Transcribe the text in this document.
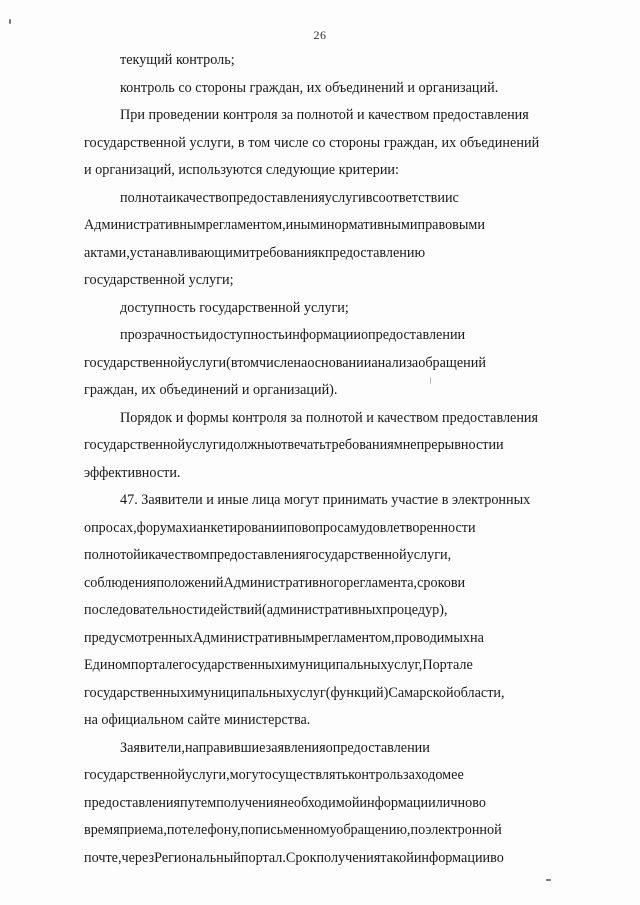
26
текущий контроль;
контроль со стороны граждан, их объединений и организаций.
При проведении контроля за полнотой и качеством предоставления
государственной услуги, в том числе со стороны граждан, их объединений
и организаций, используются следующие критерии:
полнотаикачествопредоставленияуслугивсоответствиис
Административнымрегламентом,иныминормативнымиправовыми
актами,устанавливающимитребованиякпредоставлению
государственной услуги;
доступность государственной услуги;
прозрачностьидоступностьинформацииопредоставлении
государственнойуслуги(втомчисленаоснованиианализаобращений
граждан, их объединений и организаций).
Порядок и формы контроля за полнотой и качеством предоставления
государственнойуслугидолжныотвечатьтребованиямнепрерывностии
эффективности.
47. Заявители и иные лица могут принимать участие в электронных
опросах,форумахианкетированииповопросамудовлетворенности
полнотойикачествомпредоставлениягосударственнойуслуги,
соблюденияположенийАдминистративногорегламента,срокови
последовательностидействий(административныхпроцедур),
предусмотренныхАдминистративнымрегламентом,проводимыхна
Единомпорталегосударственныхимуниципальныхуслуг,Портале
государственныхимуниципальныхуслуг(функций)Самарскойобласти,
на официальном сайте министерства.
Заявители,направившиезаявленияопредоставлении
государственнойуслуги,могутосуществлятьконтрользаходомее
предоставленияпутемполучениянеобходимойинформацииличново
времяприема,потелефону,пописьменномуобращению,поэлектронной
почте,черезРегиональныйпортал.Срокполучениятакойинформацииво
